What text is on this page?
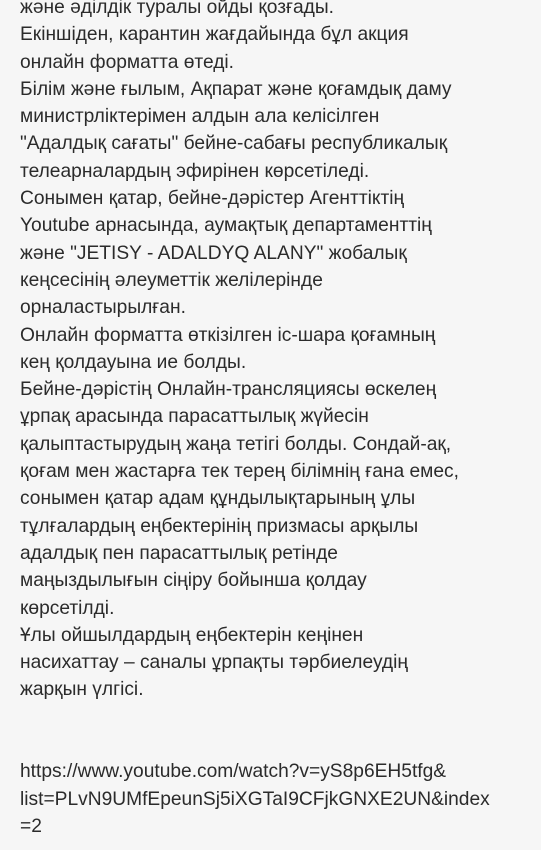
және әділдік туралы ойды қозғады.
Екіншіден, карантин жағдайында бұл акция
онлайн форматта өтеді.
Білім және ғылым, Ақпарат және қоғамдық даму
министрліктерімен алдын ала келісілген
"Адалдық сағаты" бейне-сабағы республикалық
телеарналардың эфирінен көрсетіледі.
Сонымен қатар, бейне-дәрістер Агенттіктің
Youtube арнасында, аумақтық департаменттің
және "JETISY - ADALDYQ ALANY" жобалық
кеңсесінің әлеуметтік желілерінде
орналастырылған.
Онлайн форматта өткізілген іс-шара қоғамның
кең қолдауына ие болды.
Бейне-дәрістің Онлайн-трансляциясы өскелең
ұрпақ арасында парасаттылық жүйесін
қалыптастырудың жаңа тетігі болды. Сондай-ақ,
қоғам мен жастарға тек терең білімнің ғана емес,
сонымен қатар адам құндылықтарының ұлы
тұлғалардың еңбектерінің призмасы арқылы
адалдық пен парасаттылық ретінде
маңыздылығын сіңіру бойынша қолдау
көрсетілді.
Ұлы ойшылдардың еңбектерін кеңінен
насихаттау – саналы ұрпақты тәрбиелеудің
жарқын үлгісі.
https://www.youtube.com/watch?v=yS8p6EH5tfg&
list=PLvN9UMfEpeunSj5iXGTaI9CFjkGNXE2UN&index
=2
